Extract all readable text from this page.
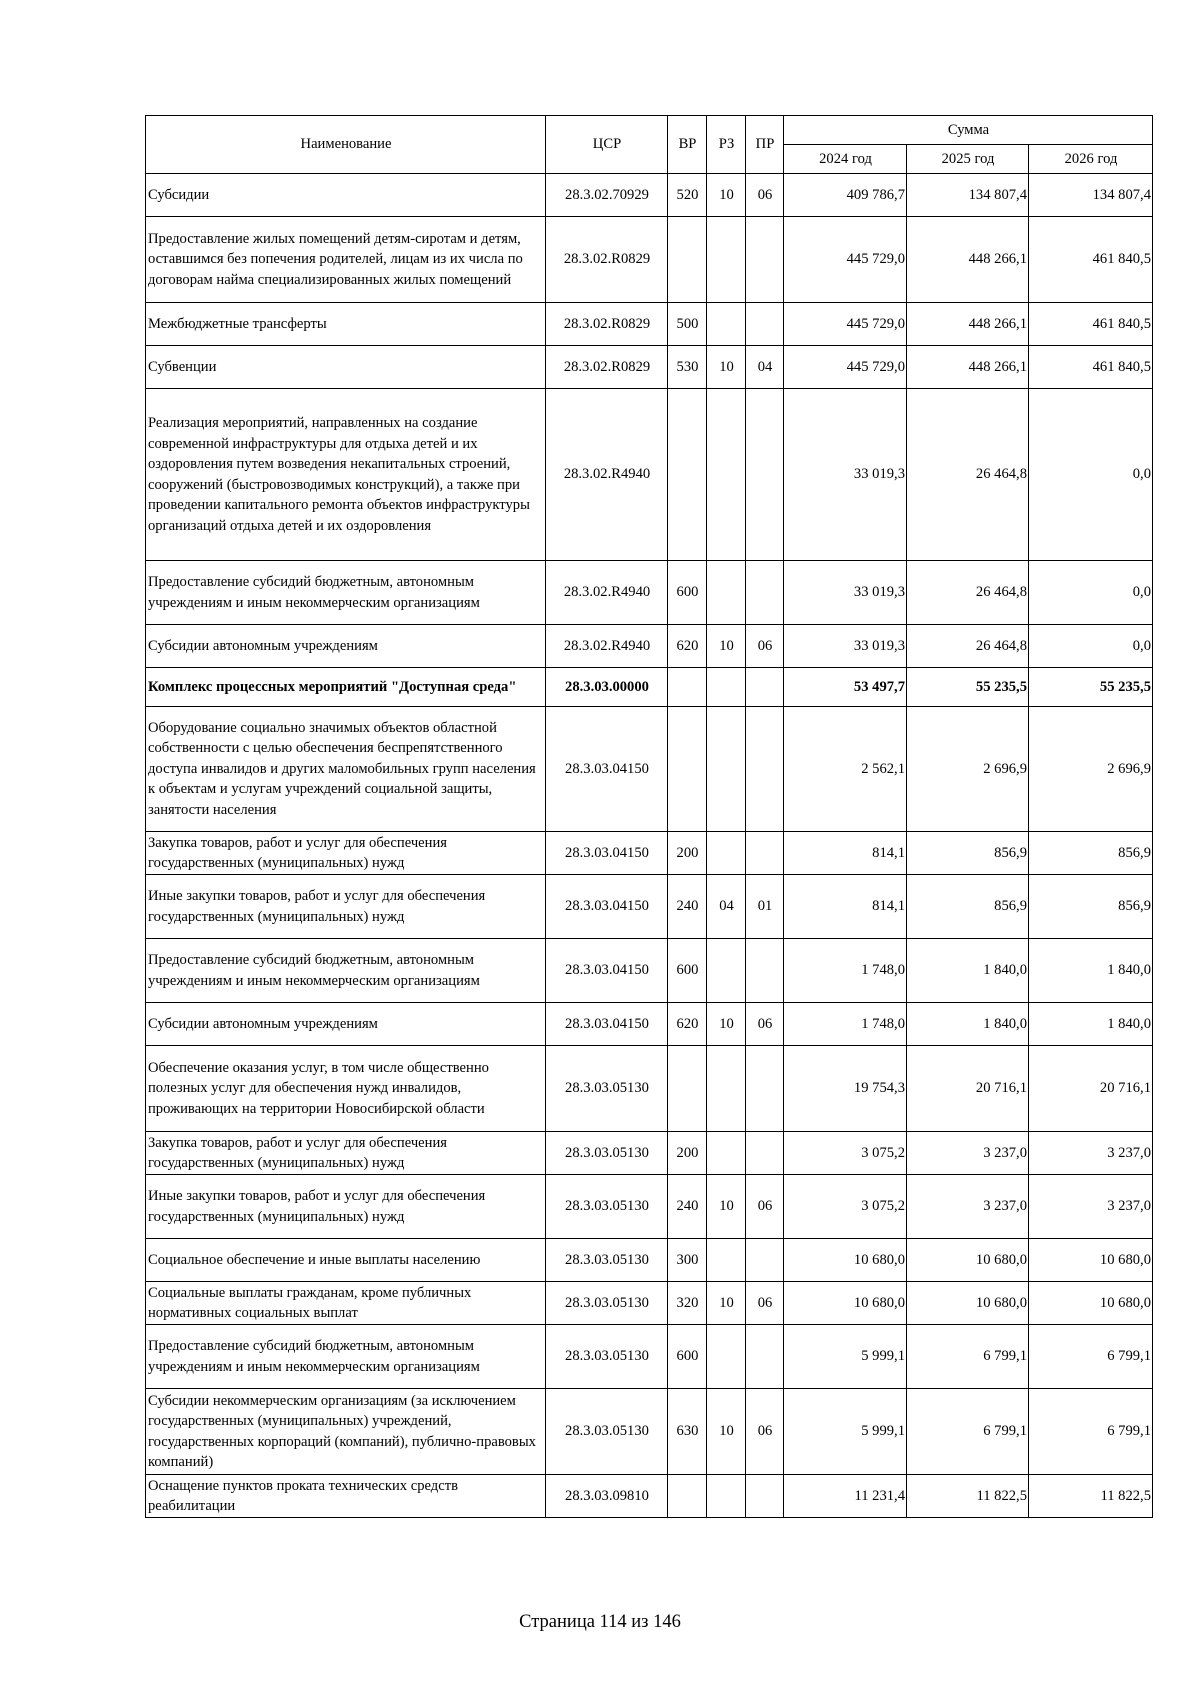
Наименование	ЦСР	ВР	РЗ	ПР	Сумма		
					2024 год	2025 год	2026 год
Субсидии	28.3.02.70929	520	10	06	409 786,7	134 807,4	134 807,4
Предоставление жилых помещений детям-сиротам и детям, оставшимся без попечения родителей, лицам из их числа по договорам найма специализированных жилых помещений	28.3.02.R0829				445 729,0	448 266,1	461 840,5
Межбюджетные трансферты	28.3.02.R0829	500			445 729,0	448 266,1	461 840,5
Субвенции	28.3.02.R0829	530	10	04	445 729,0	448 266,1	461 840,5
Реализация мероприятий, направленных на создание современной инфраструктуры для отдыха детей и их оздоровления путем возведения некапитальных строений, сооружений (быстровозводимых конструкций), а также при проведении капитального ремонта объектов инфраструктуры организаций отдыха детей и их оздоровления	28.3.02.R4940				33 019,3	26 464,8	0,0
Предоставление субсидий бюджетным, автономным учреждениям и иным некоммерческим организациям	28.3.02.R4940	600			33 019,3	26 464,8	0,0
Субсидии автономным учреждениям	28.3.02.R4940	620	10	06	33 019,3	26 464,8	0,0
Комплекс процессных мероприятий "Доступная среда"	28.3.03.00000				53 497,7	55 235,5	55 235,5
Оборудование социально значимых объектов областной собственности с целью обеспечения беспрепятственного доступа инвалидов и других маломобильных групп населения к объектам и услугам учреждений социальной защиты, занятости населения	28.3.03.04150				2 562,1	2 696,9	2 696,9
Закупка товаров, работ и услуг для обеспечения государственных (муниципальных) нужд	28.3.03.04150	200			814,1	856,9	856,9
Иные закупки товаров, работ и услуг для обеспечения государственных (муниципальных) нужд	28.3.03.04150	240	04	01	814,1	856,9	856,9
Предоставление субсидий бюджетным, автономным учреждениям и иным некоммерческим организациям	28.3.03.04150	600			1 748,0	1 840,0	1 840,0
Субсидии автономным учреждениям	28.3.03.04150	620	10	06	1 748,0	1 840,0	1 840,0
Обеспечение оказания услуг, в том числе общественно полезных услуг для обеспечения нужд инвалидов, проживающих на территории Новосибирской области	28.3.03.05130				19 754,3	20 716,1	20 716,1
Закупка товаров, работ и услуг для обеспечения государственных (муниципальных) нужд	28.3.03.05130	200			3 075,2	3 237,0	3 237,0
Иные закупки товаров, работ и услуг для обеспечения государственных (муниципальных) нужд	28.3.03.05130	240	10	06	3 075,2	3 237,0	3 237,0
Социальное обеспечение и иные выплаты населению	28.3.03.05130	300			10 680,0	10 680,0	10 680,0
Социальные выплаты гражданам, кроме публичных нормативных социальных выплат	28.3.03.05130	320	10	06	10 680,0	10 680,0	10 680,0
Предоставление субсидий бюджетным, автономным учреждениям и иным некоммерческим организациям	28.3.03.05130	600			5 999,1	6 799,1	6 799,1
Субсидии некоммерческим организациям (за исключением государственных (муниципальных) учреждений, государственных корпораций (компаний), публично-правовых компаний)	28.3.03.05130	630	10	06	5 999,1	6 799,1	6 799,1
Оснащение пунктов проката технических средств реабилитации	28.3.03.09810				11 231,4	11 822,5	11 822,5
Страница 114 из 146
